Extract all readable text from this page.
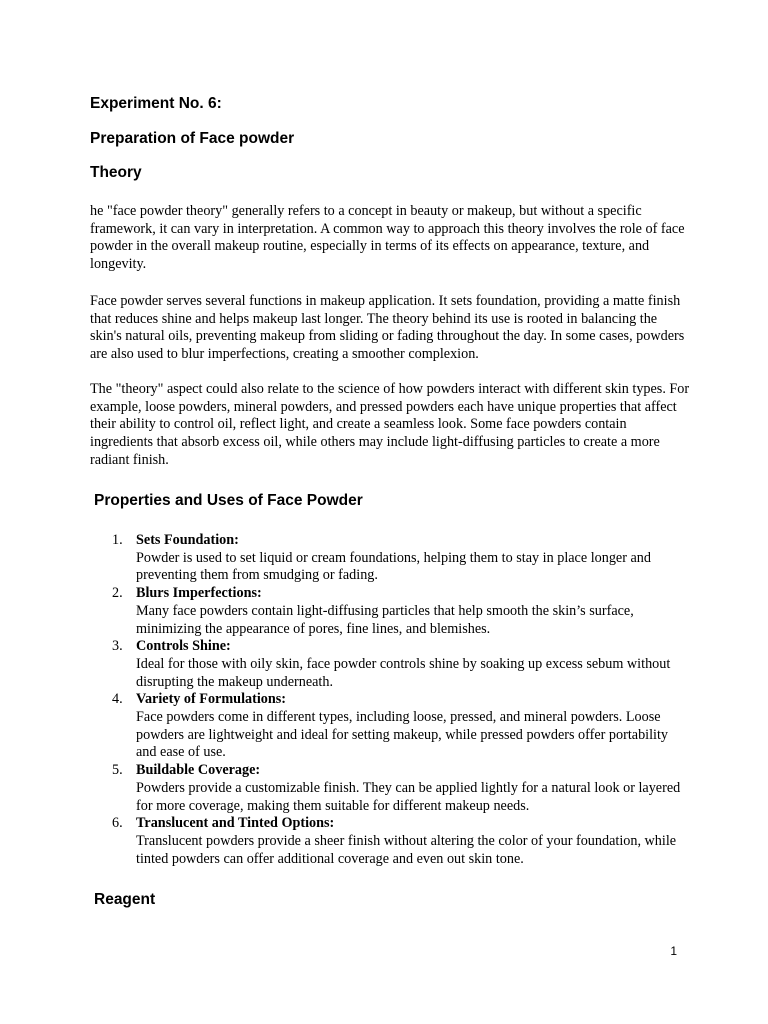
Experiment No. 6:
Preparation of Face powder
Theory
he "face powder theory" generally refers to a concept in beauty or makeup, but without a specific framework, it can vary in interpretation. A common way to approach this theory involves the role of face powder in the overall makeup routine, especially in terms of its effects on appearance, texture, and longevity.
Face powder serves several functions in makeup application. It sets foundation, providing a matte finish that reduces shine and helps makeup last longer. The theory behind its use is rooted in balancing the skin's natural oils, preventing makeup from sliding or fading throughout the day. In some cases, powders are also used to blur imperfections, creating a smoother complexion.
The "theory" aspect could also relate to the science of how powders interact with different skin types. For example, loose powders, mineral powders, and pressed powders each have unique properties that affect their ability to control oil, reflect light, and create a seamless look. Some face powders contain ingredients that absorb excess oil, while others may include light-diffusing particles to create a more radiant finish.
Properties and Uses of Face Powder
1. Sets Foundation:
Powder is used to set liquid or cream foundations, helping them to stay in place longer and preventing them from smudging or fading.
2. Blurs Imperfections:
Many face powders contain light-diffusing particles that help smooth the skin’s surface, minimizing the appearance of pores, fine lines, and blemishes.
3. Controls Shine:
Ideal for those with oily skin, face powder controls shine by soaking up excess sebum without disrupting the makeup underneath.
4. Variety of Formulations:
Face powders come in different types, including loose, pressed, and mineral powders. Loose powders are lightweight and ideal for setting makeup, while pressed powders offer portability and ease of use.
5. Buildable Coverage:
Powders provide a customizable finish. They can be applied lightly for a natural look or layered for more coverage, making them suitable for different makeup needs.
6. Translucent and Tinted Options:
Translucent powders provide a sheer finish without altering the color of your foundation, while tinted powders can offer additional coverage and even out skin tone.
Reagent
1
